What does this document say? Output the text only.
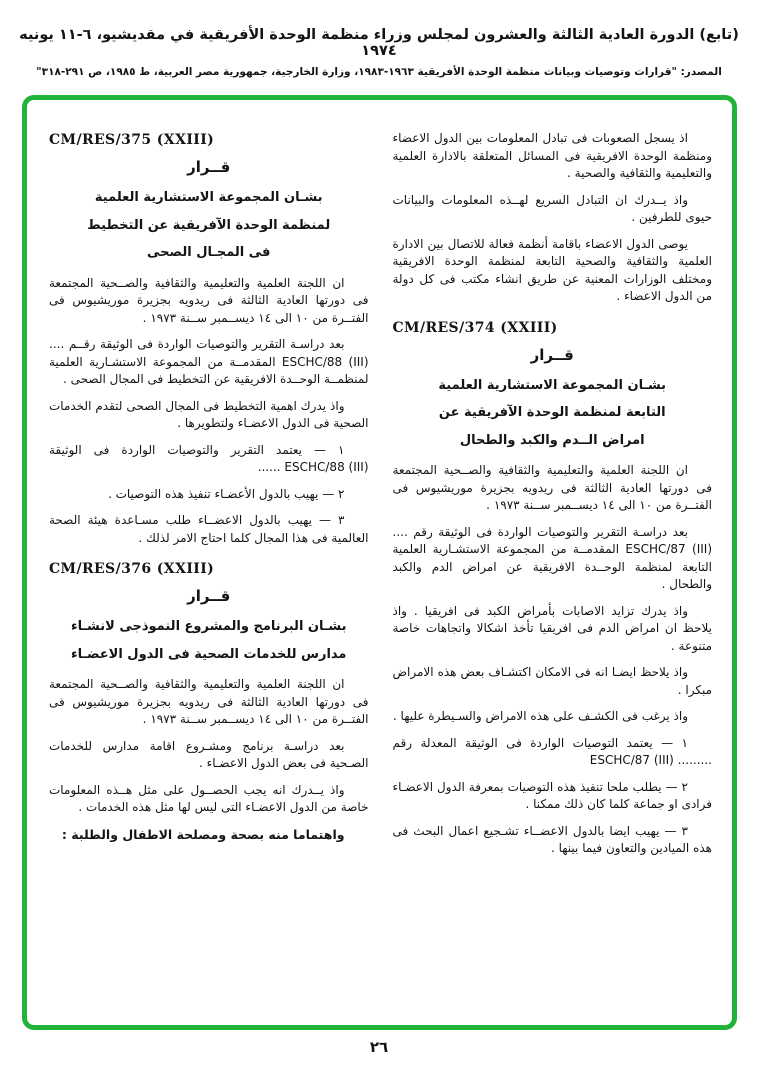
(تابع) الدورة العادية الثالثة والعشرون لمجلس وزراء منظمة الوحدة الأفريقية في مقديشيو، ٦-١١ يونيه ١٩٧٤
المصدر: "قرارات وتوصيات وبيانات منظمة الوحدة الأفريقية ١٩٦٣-١٩٨٣، وزارة الخارجية، جمهورية مصر العربية، ط ١٩٨٥، ص ٢٩١-٣١٨"
اذ يسجل الصعوبات فى تبادل المعلومات بين الدول الاعضاء ومنظمة الوحدة الافريقية فى المسائل المتعلقة بالادارة العلمية والتعليمية والثقافية والصحية .
واذ يــدرك ان التبادل السريع لهــذه المعلومات والبيانات حيوى للطرفين .
يوصى الدول الاعضاء باقامة أنظمة فعالة للاتصال بين الادارة العلمية والثقافية والصحية التابعة لمنظمة الوحدة الافريقية ومختلف الوزارات المعنية عن طريق انشاء مكتب فى كل دولة من الدول الاعضاء .
CM/RES/374 (XXIII)
قــرار
بشـان المجموعة الاستشارية العلمية
التابعة لمنظمة الوحدة الآفريقية عن
امراض الــدم والكبد والطحال
ان اللجنة العلمية والتعليمية والثقافية والصــحية المجتمعة فى دورتها العادية الثالثة فى ريدويه بجزيرة موريشيوس فى الفتــرة من ١٠ الى ١٤ ديســمبر ســنة ١٩٧٣ .
بعد دراسـة التقرير والتوصيات الواردة فى الوثيقة رقم .... ESCHC/87 (III) المقدمــة من المجموعة الاستشـارية العلمية التابعة لمنظمة الوحــدة الافريقية عن امراض الدم والكبد والطحال .
واذ يدرك تزايد الاصابات بأمراض الكبد فى افريقيا . واذ يلاحظ ان امراض الدم فى افريقيا تأخذ اشكالا واتجاهات خاصة متنوعة .
واذ يلاحظ ايضـا انه فى الامكان اكتشـاف بعض هذه الامراض مبكرا .
واذ يرغب فى الكشـف على هذه الامراض والسـيطرة عليها .
١ — يعتمد التوصيات الواردة فى الوثيقة المعدلة رقم ......... ESCHC/87 (III)
٢ — يطلب ملحا تنفيذ هذه التوصيات بمعرفة الدول الاعضـاء فرادى او جماعة كلما كان ذلك ممكنا .
٣ — يهيب ايضا بالدول الاعضــاء تشـجيع اعمال البحث فى هذه الميادين والتعاون فيما بينها .
CM/RES/375 (XXIII)
قــرار
بشـان المجموعة الاستشارية العلمية
لمنظمة الوحدة الآفريقية عن التخطيط
فى المجـال الصحى
ان اللجنة العلمية والتعليمية والثقافية والصــحية المجتمعة فى دورتها العادية الثالثة فى ريدويه بجزيرة موريشيوس فى الفتــرة من ١٠ الى ١٤ ديســمبر ســنة ١٩٧٣ .
بعد دراسـة التقرير والتوصيات الواردة فى الوثيقة رقــم .... ESCHC/88 (III) المقدمــة من المجموعة الاستشـارية العلمية لمنظمــة الوحــدة الافريقية عن التخطيط فى المجال الصحى .
واذ يدرك اهمية التخطيط فى المجال الصحى لتقدم الخدمات الصحية فى الدول الاعضـاء ولتطويرها .
١ — يعتمد التقرير والتوصيات الواردة فى الوثيقة ESCHC/88 (III) ......
٢ — يهيب بالدول الأعضـاء تنفيذ هذه التوصيات .
٣ — يهيب بالدول الاعضــاء طلب مسـاعدة هيئة الصحة العالمية فى هذا المجال كلما احتاج الامر لذلك .
CM/RES/376 (XXIII)
قــرار
بشـان البرنامج والمشروع النموذجى لانشـاء
مدارس للخدمات الصحية فى الدول الاعضـاء
ان اللجنة العلمية والتعليمية والثقافية والصــحية المجتمعة فى دورتها العادية الثالثة فى ريدويه بجزيرة موريشيوس فى الفتــرة من ١٠ الى ١٤ ديســمبر ســنة ١٩٧٣ .
بعد دراسـة برنامج ومشـروع اقامة مدارس للخدمات الصـحية فى بعض الدول الاعضـاء .
واذ يــدرك انه يجب الحصــول على مثل هــذه المعلومات خاصة من الدول الاعضـاء التى ليس لها مثل هذه الخدمات .
واهتماما منه بصحة ومصلحة الاطفال والطلبة :
٢٦
